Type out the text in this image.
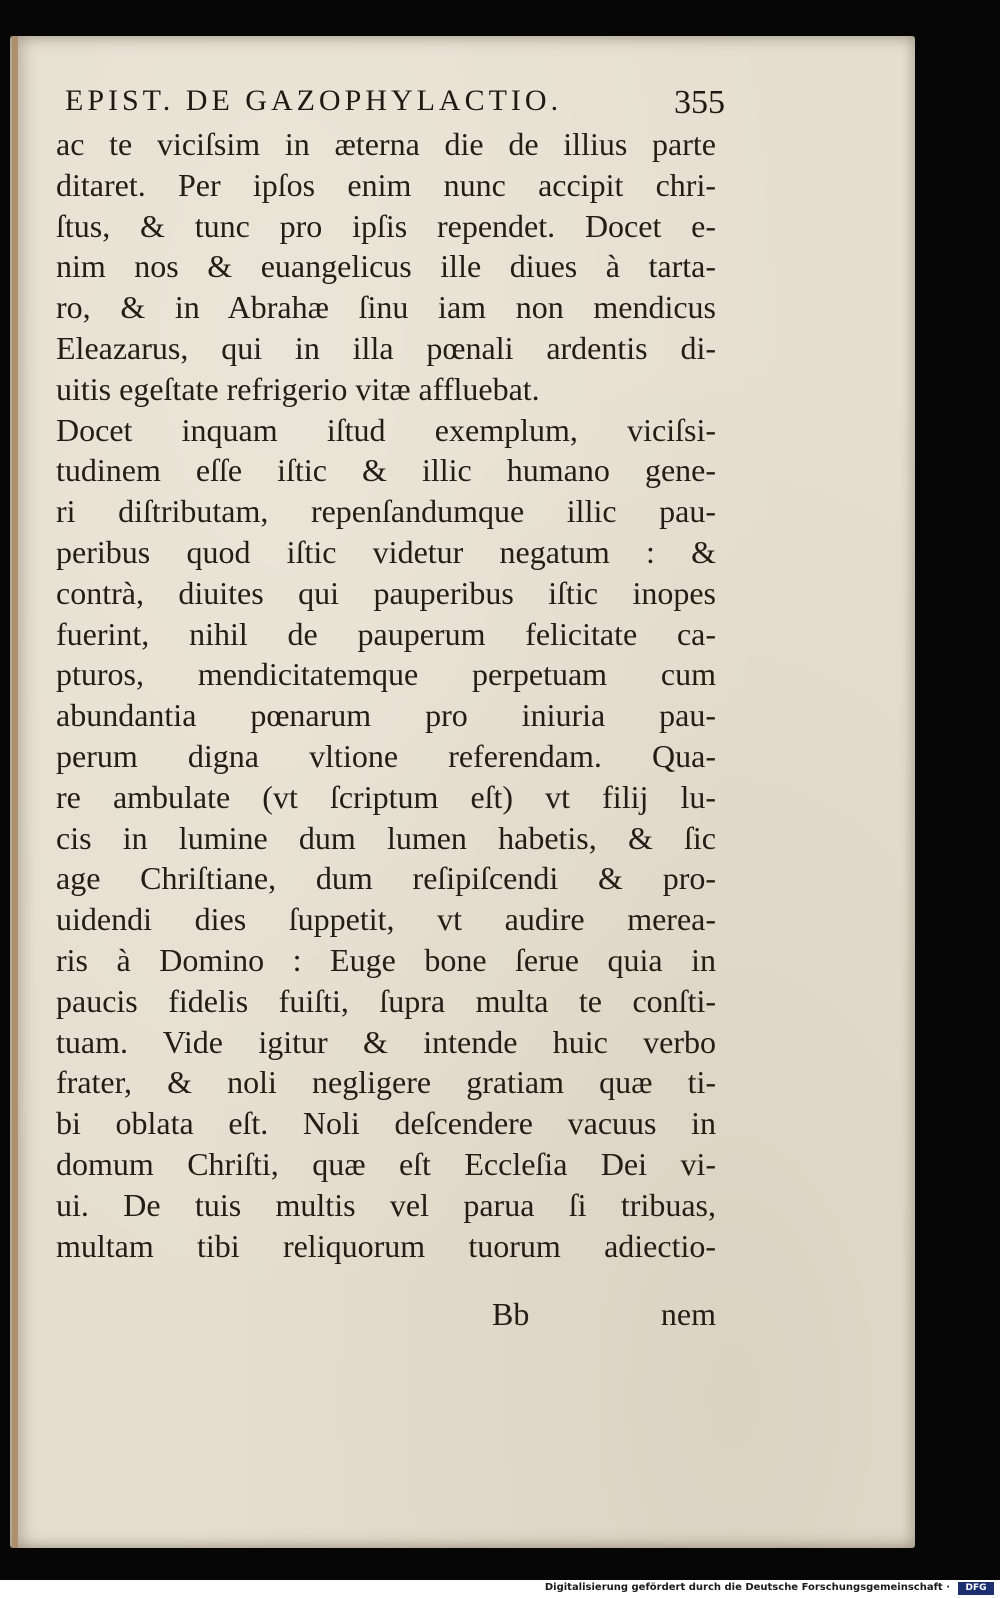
EPIST. DE GAZOPHYLACTIO.	355
ac te viciſsim in æterna die de illius parte
ditaret. Per ipſos enim nunc accipit chri-
ſtus, & tunc pro ipſis rependet. Docet e-
nim nos & euangelicus ille diues à tarta-
ro, & in Abrahæ ſinu iam non mendicus
Eleazarus, qui in illa pœnali ardentis di-
uitis egeſtate refrigerio vitæ affluebat.
Docet inquam iſtud exemplum, viciſsi-
tudinem eſſe iſtic & illic humano gene-
ri diſtributam, repenſandumque illic pau-
peribus quod iſtic videtur negatum : &
contrà, diuites qui pauperibus iſtic inopes
fuerint, nihil de pauperum felicitate ca-
pturos, mendicitatemque perpetuam cum
abundantia pœnarum pro iniuria pau-
perum digna vltione referendam. Qua-
re ambulate (vt ſcriptum eſt) vt filij lu-
cis in lumine dum lumen habetis, & ſic
age Chriſtiane, dum reſipiſcendi & pro-
uidendi dies ſuppetit, vt audire merea-
ris à Domino : Euge bone ſerue quia in
paucis fidelis fuiſti, ſupra multa te conſti-
tuam. Vide igitur & intende huic verbo
frater, & noli negligere gratiam quæ ti-
bi oblata eſt. Noli deſcendere vacuus in
domum Chriſti, quæ eſt Eccleſia Dei vi-
ui. De tuis multis vel parua ſi tribuas,
multam tibi reliquorum tuorum adiectio-
Bb	nem
Digitalisierung gefördert durch die Deutsche Forschungsgemeinschaft ·	DFG
